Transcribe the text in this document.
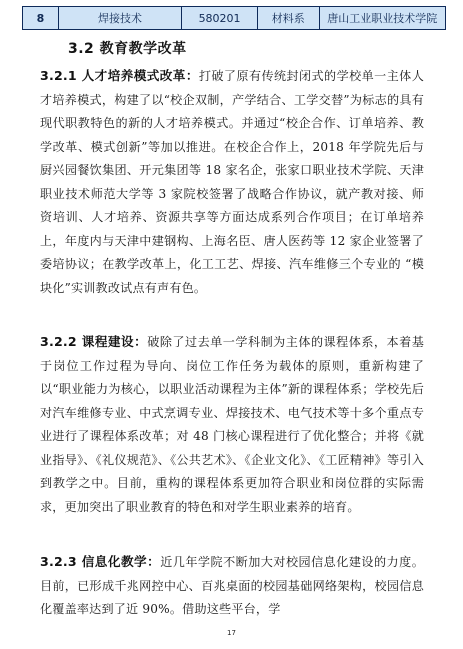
8	焊接技术	580201	材料系	唐山工业职业技术学院
3.2 教育教学改革
3.2.1 人才培养模式改革：打破了原有传统封闭式的学校单一主体人才培养模式，构建了以“校企双制，产学结合、工学交替”为标志的具有现代职教特色的新的人才培养模式。并通过“校企合作、订单培养、教学改革、模式创新”等加以推进。在校企合作上，2018 年学院先后与厨兴园餐饮集团、开元集团等 18 家名企，张家口职业技术学院、天津职业技术师范大学等 3 家院校签署了战略合作协议，就产教对接、师资培训、人才培养、资源共享等方面达成系列合作项目；在订单培养上，年度内与天津中建钢构、上海名臣、唐人医药等 12 家企业签署了委培协议；在教学改革上，化工工艺、焊接、汽车维修三个专业的 “模块化”实训教改试点有声有色。
3.2.2 课程建设：破除了过去单一学科制为主体的课程体系，本着基于岗位工作过程为导向、岗位工作任务为载体的原则，重新构建了以“职业能力为核心，以职业活动课程为主体”新的课程体系；学校先后对汽车维修专业、中式烹调专业、焊接技术、电气技术等十多个重点专业进行了课程体系改革；对 48 门核心课程进行了优化整合；并将《就业指导》、《礼仪规范》、《公共艺术》、《企业文化》、《工匠精神》等引入到教学之中。目前，重构的课程体系更加符合职业和岗位群的实际需求，更加突出了职业教育的特色和对学生职业素养的培育。
3.2.3 信息化教学：近几年学院不断加大对校园信息化建设的力度。目前，已形成千兆网控中心、百兆桌面的校园基础网络架构，校园信息化覆盖率达到了近 90%。借助这些平台，学
17
